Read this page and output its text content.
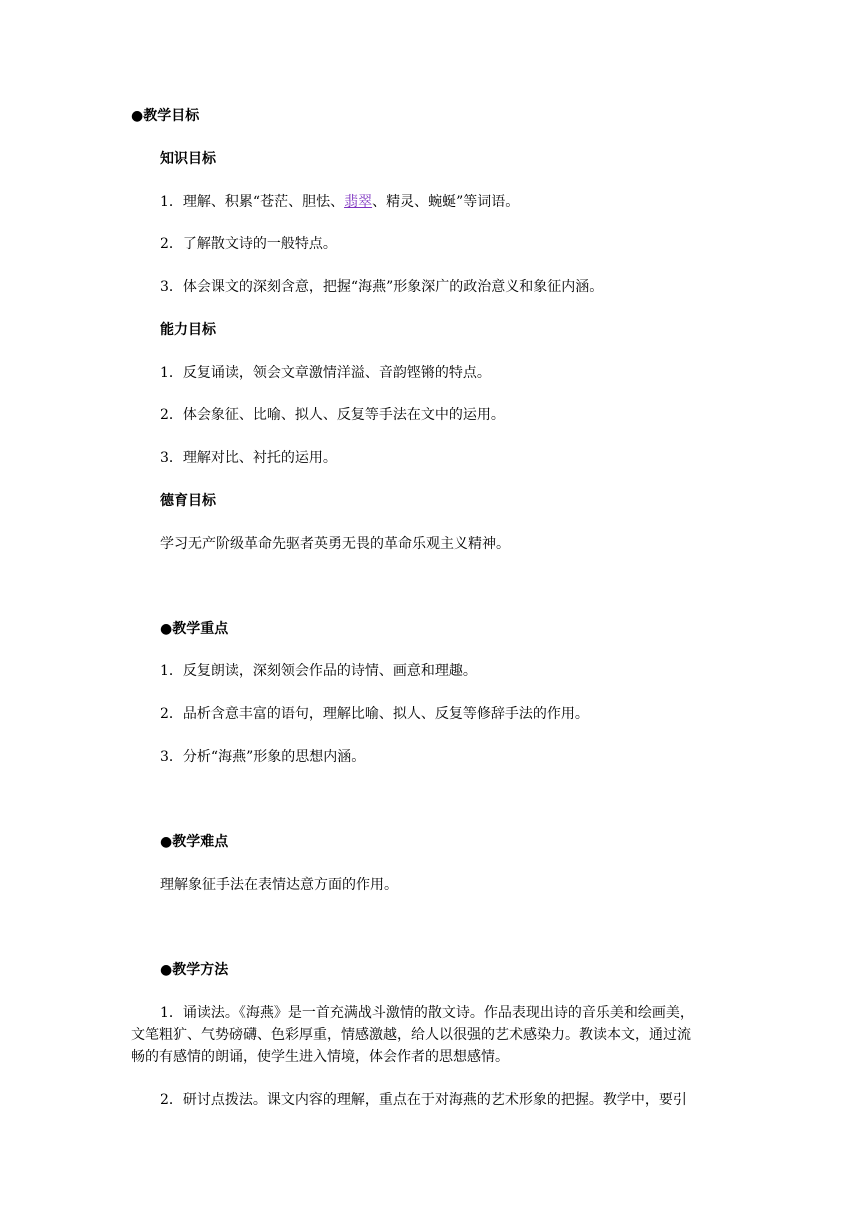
●教学目标
知识目标
1．理解、积累“苍茫、胆怯、翡翠、精灵、蜿蜒”等词语。
2．了解散文诗的一般特点。
3．体会课文的深刻含意，把握“海燕”形象深广的政治意义和象征内涵。
能力目标
1．反复诵读，领会文章激情洋溢、音韵铿锵的特点。
2．体会象征、比喻、拟人、反复等手法在文中的运用。
3．理解对比、衬托的运用。
德育目标
学习无产阶级革命先驱者英勇无畏的革命乐观主义精神。
●教学重点
1．反复朗读，深刻领会作品的诗情、画意和理趣。
2．品析含意丰富的语句，理解比喻、拟人、反复等修辞手法的作用。
3．分析“海燕”形象的思想内涵。
●教学难点
理解象征手法在表情达意方面的作用。
●教学方法
1．诵读法。《海燕》是一首充满战斗激情的散文诗。作品表现出诗的音乐美和绘画美，
文笔粗犷、气势磅礴、色彩厚重，情感激越，给人以很强的艺术感染力。教读本文，通过流
畅的有感情的朗诵，使学生进入情境，体会作者的思想感情。
2．研讨点拨法。课文内容的理解，重点在于对海燕的艺术形象的把握。教学中，要引
